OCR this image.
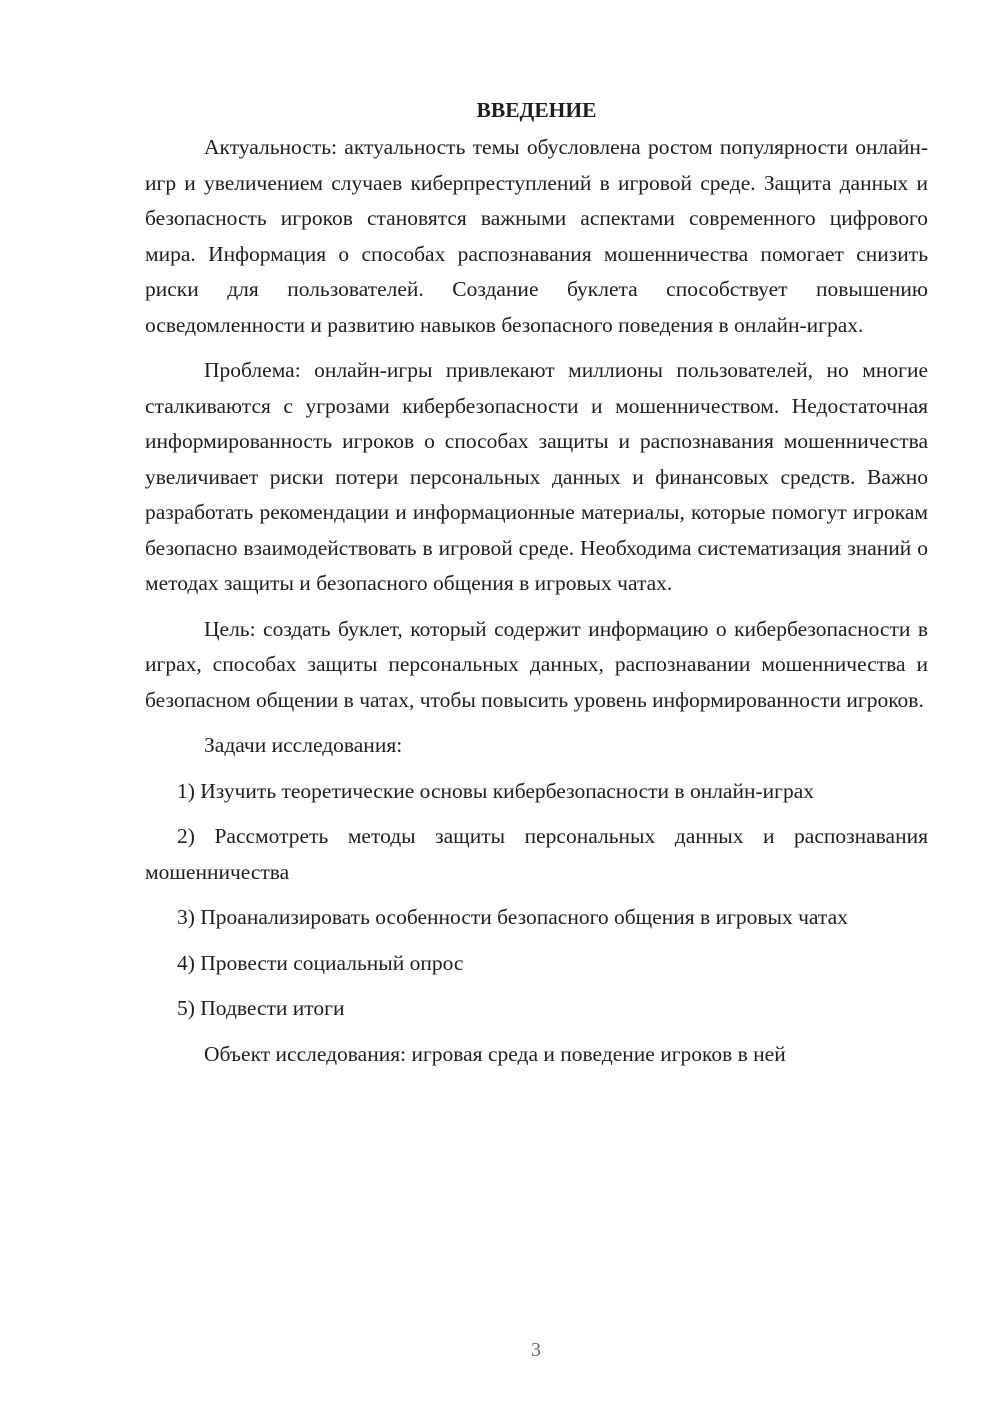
ВВЕДЕНИЕ

Актуальность: актуальность темы обусловлена ростом популярности онлайн-игр и увеличением случаев киберпреступлений в игровой среде. Защита данных и безопасность игроков становятся важными аспектами современного цифрового мира. Информация о способах распознавания мошенничества помогает снизить риски для пользователей. Создание буклета способствует повышению осведомленности и развитию навыков безопасного поведения в онлайн-играх.

Проблема: онлайн-игры привлекают миллионы пользователей, но многие сталкиваются с угрозами кибербезопасности и мошенничеством. Недостаточная информированность игроков о способах защиты и распознавания мошенничества увеличивает риски потери персональных данных и финансовых средств. Важно разработать рекомендации и информационные материалы, которые помогут игрокам безопасно взаимодействовать в игровой среде. Необходима систематизация знаний о методах защиты и безопасного общения в игровых чатах.

Цель: создать буклет, который содержит информацию о кибербезопасности в играх, способах защиты персональных данных, распознавании мошенничества и безопасном общении в чатах, чтобы повысить уровень информированности игроков.

Задачи исследования:

1) Изучить теоретические основы кибербезопасности в онлайн-играх

2) Рассмотреть методы защиты персональных данных и распознавания мошенничества

3) Проанализировать особенности безопасного общения в игровых чатах

4) Провести социальный опрос

5) Подвести итоги

Объект исследования: игровая среда и поведение игроков в ней

3
